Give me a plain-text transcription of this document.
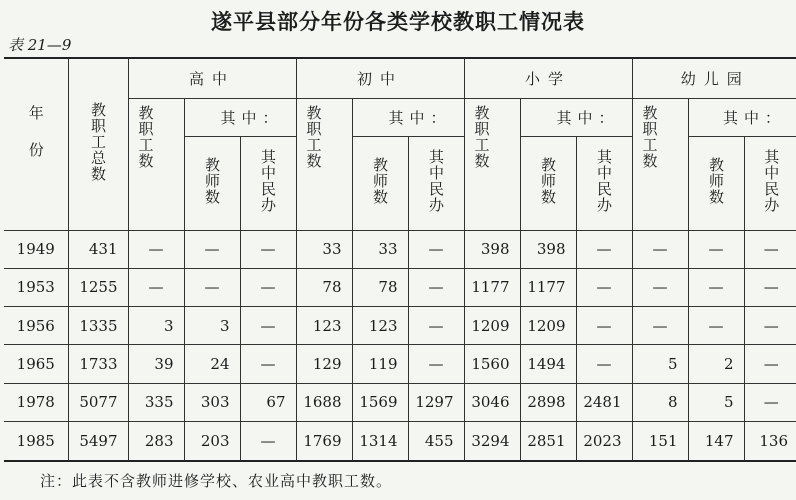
遂平县部分年份各类学校教职工情况表
表 21—9
年份	教职工总数	高中			初中			小学			幼儿园		
		教职工数	其中：		教职工数	其中：		教职工数	其中：		教职工数	其中：	
			教师数	其中民办		教师数	其中民办		教师数	其中民办		教师数	其中民办
1949	431	—	—	—	33	33	—	398	398	—	—	—	—
1953	1255	—	—	—	78	78	—	1177	1177	—	—	—	—
1956	1335	3	3	—	123	123	—	1209	1209	—	—	—	—
1965	1733	39	24	—	129	119	—	1560	1494	—	5	2	—
1978	5077	335	303	67	1688	1569	1297	3046	2898	2481	8	5	—
1985	5497	283	203	—	1769	1314	455	3294	2851	2023	151	147	136
注：此表不含教师进修学校、农业高中教职工数。
